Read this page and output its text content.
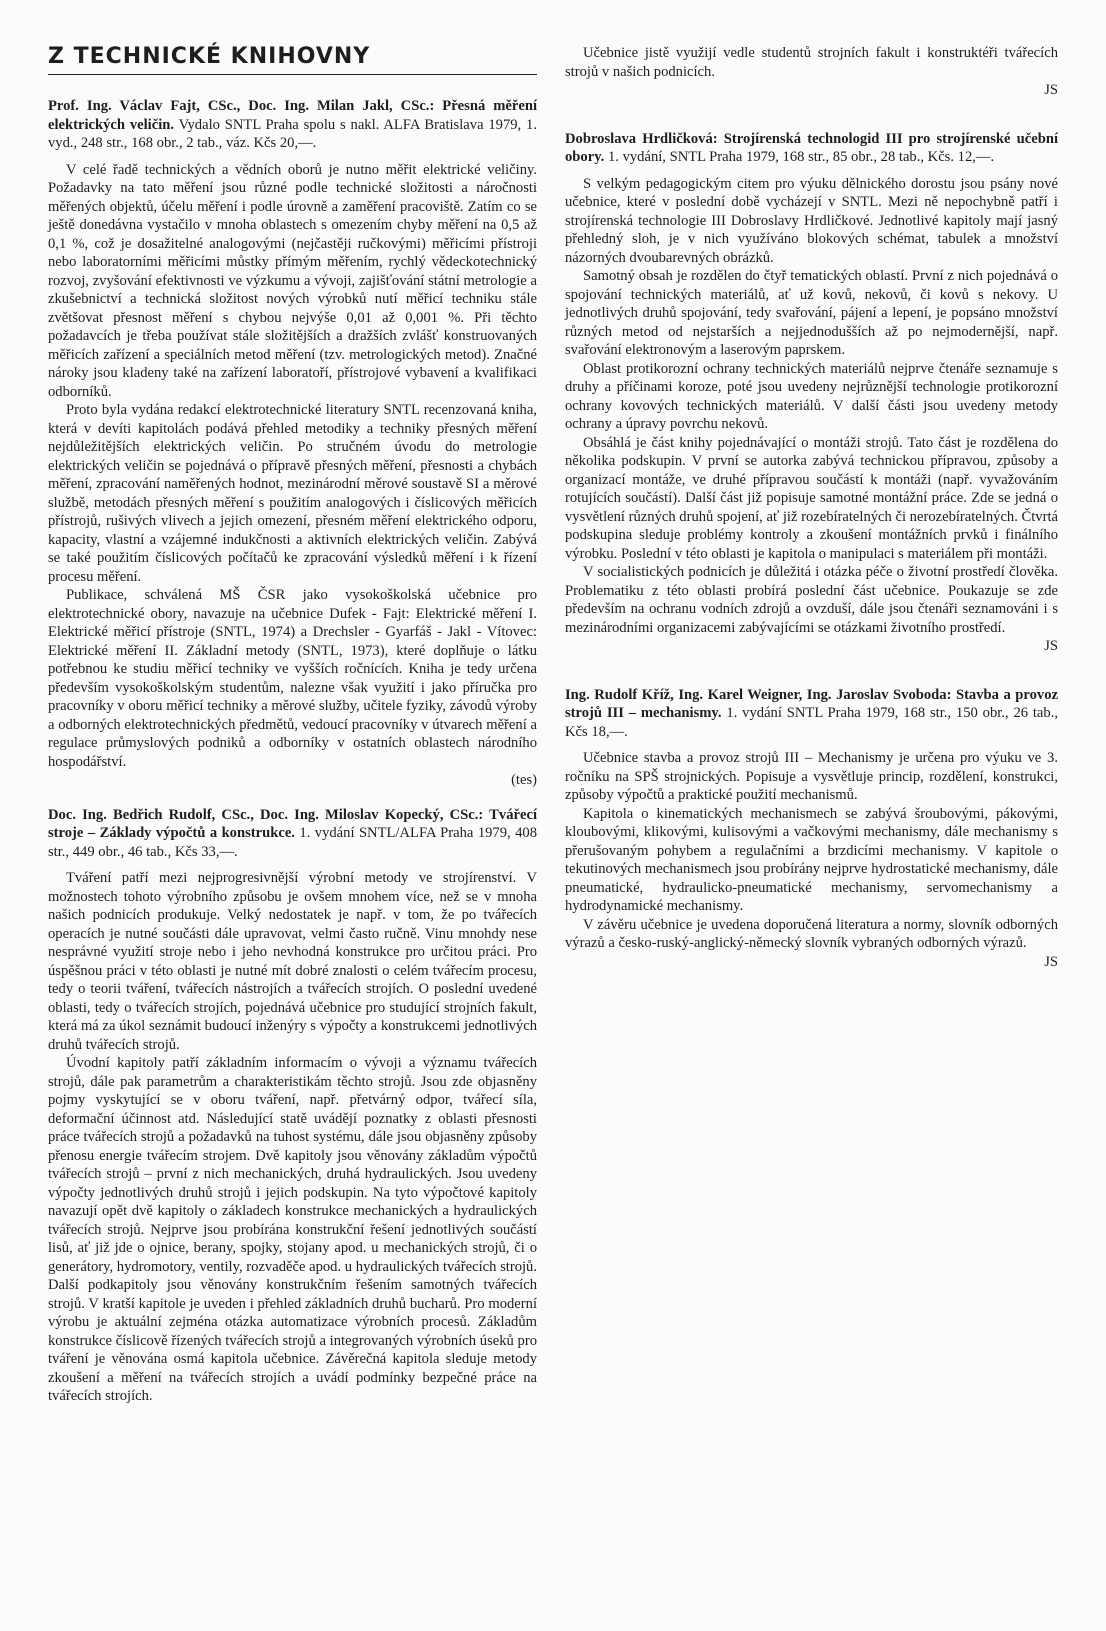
Z TECHNICKÉ KNIHOVNY

Prof. Ing. Václav Fajt, CSc., Doc. Ing. Milan Jakl, CSc.: Přesná měření elektrických veličin. Vydalo SNTL Praha spolu s nakl. ALFA Bratislava 1979, 1. vyd., 248 str., 168 obr., 2 tab., váz. Kčs 20,—.

V celé řadě technických a vědních oborů je nutno měřit elektrické veličiny. Požadavky na tato měření jsou různé podle technické složitosti a náročnosti měřených objektů, účelu měření i podle úrovně a zaměření pracoviště. Zatím co se ještě donedávna vystačilo v mnoha oblastech s omezením chyby měření na 0,5 až 0,1 %, což je dosažitelné analogovými (nejčastěji ručkovými) měřicími přístroji nebo laboratorními měřicími můstky přímým měřením, rychlý vědeckotechnický rozvoj, zvyšování efektivnosti ve výzkumu a vývoji, zajišťování státní metrologie a zkušebnictví a technická složitost nových výrobků nutí měřicí techniku stále zvětšovat přesnost měření s chybou nejvýše 0,01 až 0,001 %. Při těchto požadavcích je třeba používat stále složitějších a dražších zvlášť konstruovaných měřicích zařízení a speciálních metod měření (tzv. metrologických metod). Značné nároky jsou kladeny také na zařízení laboratoří, přístrojové vybavení a kvalifikaci odborníků.

Proto byla vydána redakcí elektrotechnické literatury SNTL recenzovaná kniha, která v devíti kapitolách podává přehled metodiky a techniky přesných měření nejdůležitějších elektrických veličin. Po stručném úvodu do metrologie elektrických veličin se pojednává o přípravě přesných měření, přesnosti a chybách měření, zpracování naměřených hodnot, mezinárodní měrové soustavě SI a měrové službě, metodách přesných měření s použitím analogových i číslicových měřicích přístrojů, rušivých vlivech a jejich omezení, přesném měření elektrického odporu, kapacity, vlastní a vzájemné indukčnosti a aktivních elektrických veličin. Zabývá se také použitím číslicových počítačů ke zpracování výsledků měření i k řízení procesu měření.

Publikace, schválená MŠ ČSR jako vysokoškolská učebnice pro elektrotechnické obory, navazuje na učebnice Dufek - Fajt: Elektrické měření I. Elektrické měřicí přístroje (SNTL, 1974) a Drechsler - Gyarfáš - Jakl - Vítovec: Elektrické měření II. Základní metody (SNTL, 1973), které doplňuje o látku potřebnou ke studiu měřicí techniky ve vyšších ročnících. Kniha je tedy určena především vysokoškolským studentům, nalezne však využití i jako příručka pro pracovníky v oboru měřicí techniky a měrové služby, učitele fyziky, závodů výroby a odborných elektrotechnických předmětů, vedoucí pracovníky v útvarech měření a regulace průmyslových podniků a odborníky v ostatních oblastech národního hospodářství.

(tes)

Doc. Ing. Bedřich Rudolf, CSc., Doc. Ing. Miloslav Kopecký, CSc.: Tvářecí stroje – Základy výpočtů a konstrukce. 1. vydání SNTL/ALFA Praha 1979, 408 str., 449 obr., 46 tab., Kčs 33,—.

Tváření patří mezi nejprogresivnější výrobní metody ve strojírenství. V možnostech tohoto výrobního způsobu je ovšem mnohem více, než se v mnoha našich podnicích produkuje. Velký nedostatek je např. v tom, že po tvářecích operacích je nutné součásti dále upravovat, velmi často ručně. Vinu mnohdy nese nesprávné využití stroje nebo i jeho nevhodná konstrukce pro určitou práci. Pro úspěšnou práci v této oblasti je nutné mít dobré znalosti o celém tvářecím procesu, tedy o teorii tváření, tvářecích nástrojích a tvářecích strojích. O poslední uvedené oblasti, tedy o tvářecích strojích, pojednává učebnice pro studující strojních fakult, která má za úkol seznámit budoucí inženýry s výpočty a konstrukcemi jednotlivých druhů tvářecích strojů.

Úvodní kapitoly patří základním informacím o vývoji a významu tvářecích strojů, dále pak parametrům a charakteristikám těchto strojů. Jsou zde objasněny pojmy vyskytující se v oboru tváření, např. přetvárný odpor, tvářecí síla, deformační účinnost atd. Následující statě uvádějí poznatky z oblasti přesnosti práce tvářecích strojů a požadavků na tuhost systému, dále jsou objasněny způsoby přenosu energie tvářecím strojem. Dvě kapitoly jsou věnovány základům výpočtů tvářecích strojů – první z nich mechanických, druhá hydraulických. Jsou uvedeny výpočty jednotlivých druhů strojů i jejich podskupin. Na tyto výpočtové kapitoly navazují opět dvě kapitoly o základech konstrukce mechanických a hydraulických tvářecích strojů. Nejprve jsou probírána konstrukční řešení jednotlivých součástí lisů, ať již jde o ojnice, berany, spojky, stojany apod. u mechanických strojů, či o generátory, hydromotory, ventily, rozvaděče apod. u hydraulických tvářecích strojů. Další podkapitoly jsou věnovány konstrukčním řešením samotných tvářecích strojů. V kratší kapitole je uveden i přehled základních druhů bucharů. Pro moderní výrobu je aktuální zejména otázka automatizace výrobních procesů. Základům konstrukce číslicově řízených tvářecích strojů a integrovaných výrobních úseků pro tváření je věnována osmá kapitola učebnice. Závěrečná kapitola sleduje metody zkoušení a měření na tvářecích strojích a uvádí podmínky bezpečné práce na tvářecích strojích.

Učebnice jistě využijí vedle studentů strojních fakult i konstruktéři tvářecích strojů v našich podnicích.

JS

Dobroslava Hrdličková: Strojírenská technologid III pro strojírenské učební obory. 1. vydání, SNTL Praha 1979, 168 str., 85 obr., 28 tab., Kčs. 12,—.

S velkým pedagogickým citem pro výuku dělnického dorostu jsou psány nové učebnice, které v poslední době vycházejí v SNTL. Mezi ně nepochybně patří i strojírenská technologie III Dobroslavy Hrdličkové. Jednotlivé kapitoly mají jasný přehledný sloh, je v nich využíváno blokových schémat, tabulek a množství názorných dvoubarevných obrázků.

Samotný obsah je rozdělen do čtyř tematických oblastí. První z nich pojednává o spojování technických materiálů, ať už kovů, nekovů, či kovů s nekovy. U jednotlivých druhů spojování, tedy svařování, pájení a lepení, je popsáno množství různých metod od nejstarších a nejjednodušších až po nejmodernější, např. svařování elektronovým a laserovým paprskem.

Oblast protikorozní ochrany technických materiálů nejprve čtenáře seznamuje s druhy a příčinami koroze, poté jsou uvedeny nejrůznější technologie protikorozní ochrany kovových technických materiálů. V další části jsou uvedeny metody ochrany a úpravy povrchu nekovů.

Obsáhlá je část knihy pojednávající o montáži strojů. Tato část je rozdělena do několika podskupin. V první se autorka zabývá technickou přípravou, způsoby a organizací montáže, ve druhé přípravou součástí k montáži (např. vyvažováním rotujících součástí). Další část již popisuje samotné montážní práce. Zde se jedná o vysvětlení různých druhů spojení, ať již rozebíratelných či nerozebíratelných. Čtvrtá podskupina sleduje problémy kontroly a zkoušení montážních prvků i finálního výrobku. Poslední v této oblasti je kapitola o manipulaci s materiálem při montáži.

V socialistických podnicích je důležitá i otázka péče o životní prostředí člověka. Problematiku z této oblasti probírá poslední část učebnice. Poukazuje se zde především na ochranu vodních zdrojů a ovzduší, dále jsou čtenáři seznamováni i s mezinárodními organizacemi zabývajícími se otázkami životního prostředí.

JS

Ing. Rudolf Kříž, Ing. Karel Weigner, Ing. Jaroslav Svoboda: Stavba a provoz strojů III – mechanismy. 1. vydání SNTL Praha 1979, 168 str., 150 obr., 26 tab., Kčs 18,—.

Učebnice stavba a provoz strojů III – Mechanismy je určena pro výuku ve 3. ročníku na SPŠ strojnických. Popisuje a vysvětluje princip, rozdělení, konstrukci, způsoby výpočtů a praktické použití mechanismů.

Kapitola o kinematických mechanismech se zabývá šroubovými, pákovými, kloubovými, klikovými, kulisovými a vačkovými mechanismy, dále mechanismy s přerušovaným pohybem a regulačními a brzdicími mechanismy. V kapitole o tekutinových mechanismech jsou probírány nejprve hydrostatické mechanismy, dále pneumatické, hydraulicko-pneumatické mechanismy, servomechanismy a hydrodynamické mechanismy.

V závěru učebnice je uvedena doporučená literatura a normy, slovník odborných výrazů a česko-ruský-anglický-německý slovník vybraných odborných výrazů.

JS
